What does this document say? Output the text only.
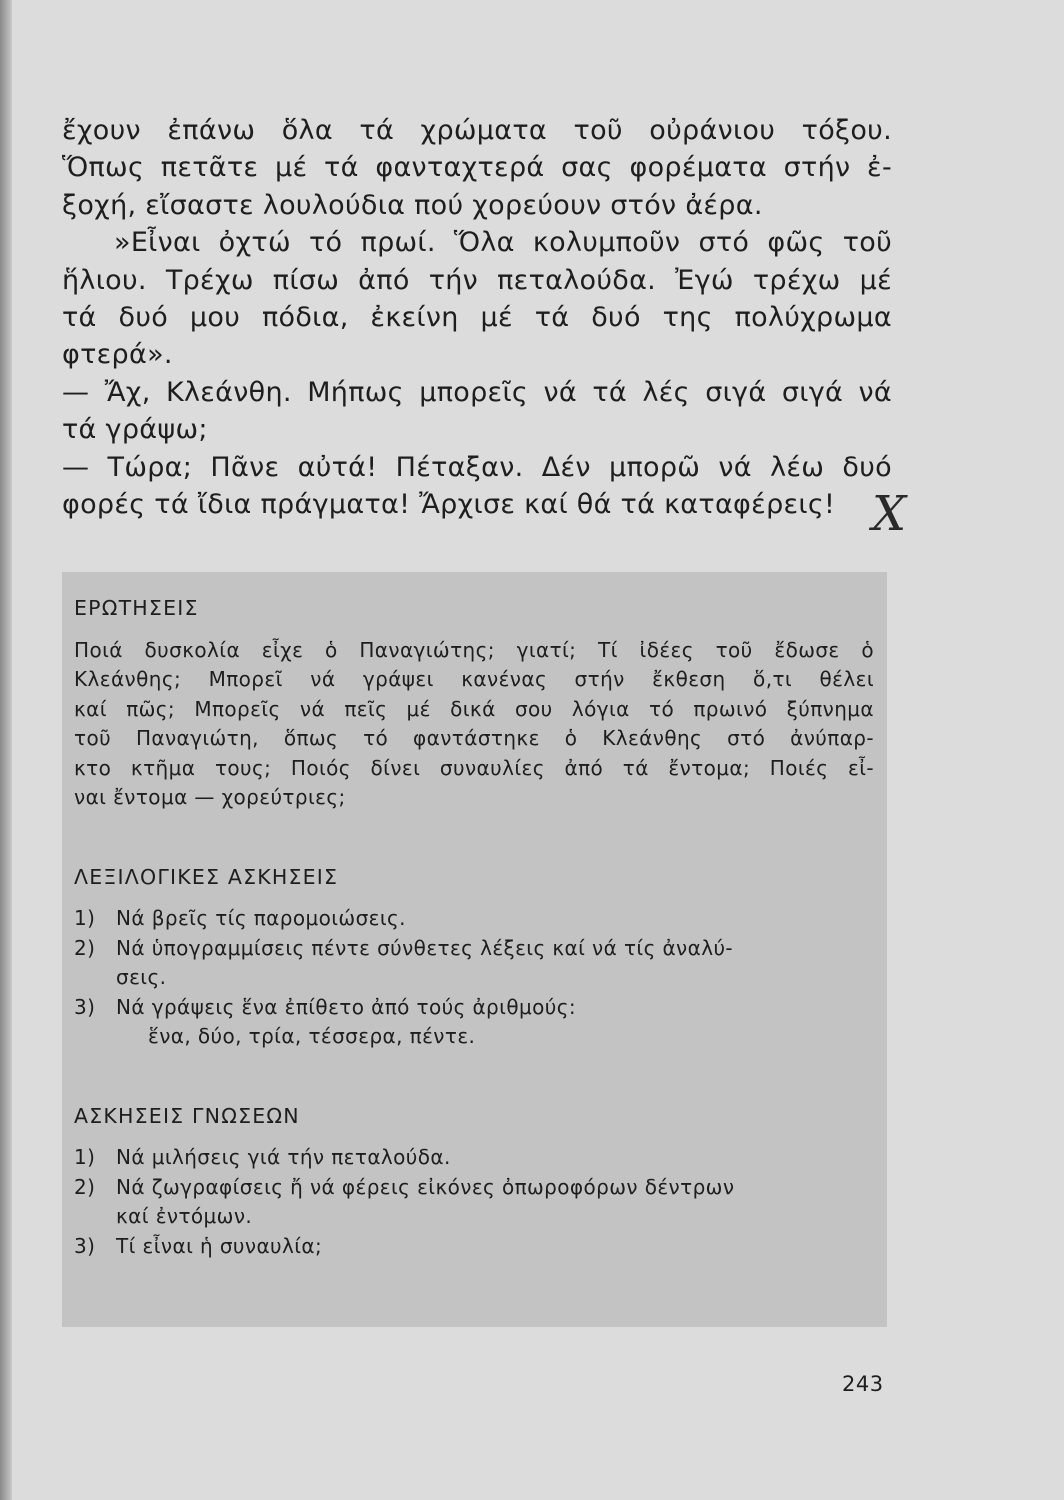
ἔχουν ἐπάνω ὅλα τά χρώματα τοῦ οὐράνιου τόξου.

Ὅπως πετᾶτε μέ τά φανταχτερά σας φορέματα στήν ἐ-

ξοχή, εἴσαστε λουλούδια πού χορεύουν στόν ἀέρα.

»Εἶναι ὀχτώ τό πρωί. Ὅλα κολυμποῦν στό φῶς τοῦ

ἥλιου. Τρέχω πίσω ἀπό τήν πεταλούδα. Ἐγώ τρέχω μέ

τά δυό μου πόδια, ἐκείνη μέ τά δυό της πολύχρωμα

φτερά».

— Ἄχ, Κλεάνθη. Μήπως μπορεῖς νά τά λές σιγά σιγά νά

τά γράψω;

— Τώρα; Πᾶνε αὐτά! Πέταξαν. Δέν μπορῶ νά λέω δυό

φορές τά ἴδια πράγματα! Ἄρχισε καί θά τά καταφέρεις! X
ΕΡΩΤΗΣΕΙΣ

Ποιά δυσκολία εἶχε ὁ Παναγιώτης; γιατί; Τί ἰδέες τοῦ ἔδωσε ὁ

Κλεάνθης; Μπορεῖ νά γράψει κανένας στήν ἔκθεση ὅ,τι θέλει

καί πῶς; Μπορεῖς νά πεῖς μέ δικά σου λόγια τό πρωινό ξύπνημα

τοῦ Παναγιώτη, ὅπως τό φαντάστηκε ὁ Κλεάνθης στό ἀνύπαρ-

κτο κτῆμα τους; Ποιός δίνει συναυλίες ἀπό τά ἔντομα; Ποιές εἶ-

ναι ἔντομα — χορεύτριες;

ΛΕΞΙΛΟΓΙΚΕΣ ΑΣΚΗΣΕΙΣ
1)	Νά βρεῖς τίς παρομοιώσεις.
2)	Νά ὑπογραμμίσεις πέντε σύνθετες λέξεις καί νά τίς ἀναλύ-
σεις.
3)	Νά γράψεις ἕνα ἐπίθετο ἀπό τούς ἀριθμούς:
ἕνα, δύο, τρία, τέσσερα, πέντε.
ΑΣΚΗΣΕΙΣ ΓΝΩΣΕΩΝ
1)	Νά μιλήσεις γιά τήν πεταλούδα.
2)	Νά ζωγραφίσεις ἤ νά φέρεις εἰκόνες ὀπωροφόρων δέντρων
καί ἐντόμων.
3)	Τί εἶναι ἡ συναυλία;
243
